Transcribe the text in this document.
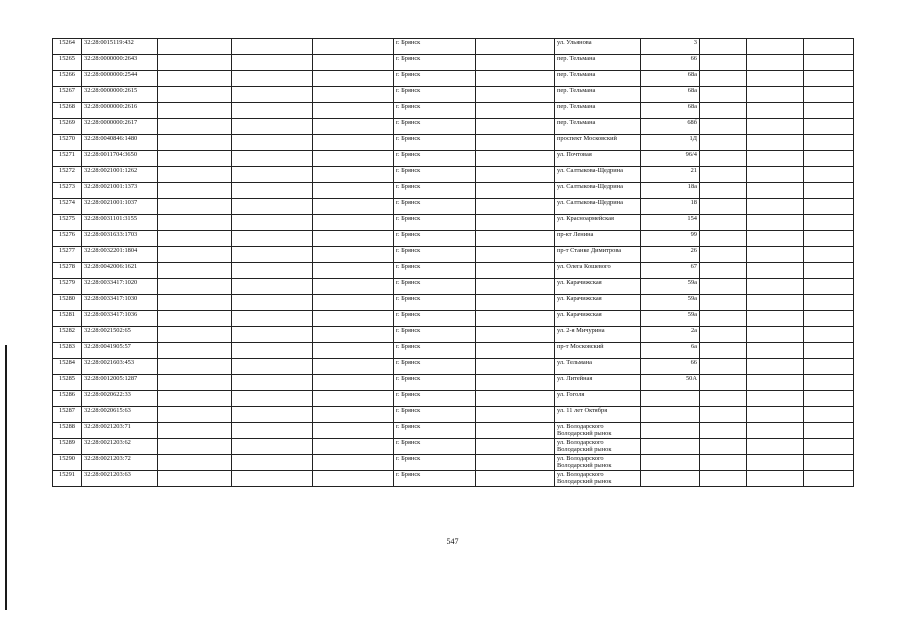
15264	32:28:0015119:432				г. Брянск		ул. Ульянова	3			
15265	32:28:0000000:2643				г. Брянск		пер. Тельмана	66			
15266	32:28:0000000:2544				г. Брянск		пер. Тельмана	68а			
15267	32:28:0000000:2615				г. Брянск		пер. Тельмана	68а			
15268	32:28:0000000:2616				г. Брянск		пер. Тельмана	68а			
15269	32:28:0000000:2617				г. Брянск		пер. Тельмана	68б			
15270	32:28:0040846:1480				г. Брянск		проспект Московский	1Д			
15271	32:28:0011704:3650				г. Брянск		ул. Почтовая	96/4			
15272	32:28:0021001:1262				г. Брянск		ул. Салтыкова-Щедрина	21			
15273	32:28:0021001:1373				г. Брянск		ул. Салтыкова-Щедрина	18а			
15274	32:28:0021001:1037				г. Брянск		ул. Салтыкова-Щедрина	18			
15275	32:28:0031101:3155				г. Брянск		ул. Красноармейская	154			
15276	32:28:0031633:1703				г. Брянск		пр-кт Ленина	99			
15277	32:28:0032201:1804				г. Брянск		пр-т Станке Димитрова	26			
15278	32:28:0042006:1621				г. Брянск		ул. Олега Кошевого	67			
15279	32:28:0033417:1020				г. Брянск		ул. Карачижская	59а			
15280	32:28:0033417:1030				г. Брянск		ул. Карачижская	59а			
15281	32:28:0033417:1036				г. Брянск		ул. Карачижская	59а			
15282	32:28:0021502:65				г. Брянск		ул. 2-я Мичурина	2а			
15283	32:28:0041905:57				г. Брянск		пр-т Московский	6а			
15284	32:28:0021603:453				г. Брянск		ул. Тельмана	66			
15285	32:28:0012005:1287				г. Брянск		ул. Литейная	50А			
15286	32:28:0020622:33				г. Брянск		ул. Гоголя				
15287	32:28:0020615:63				г. Брянск		ул. 11 лет Октября				
15288	32:28:0021203:71				г. Брянск		ул. Володарского Володарский рынок				

15289	32:28:0021203:62				г. Брянск		ул. Володарского Володарский рынок				

15290	32:28:0021203:72				г. Брянск		ул. Володарского Володарский рынок				

15291	32:28:0021203:63				г. Брянск		ул. Володарского Володарский рынок				

547
